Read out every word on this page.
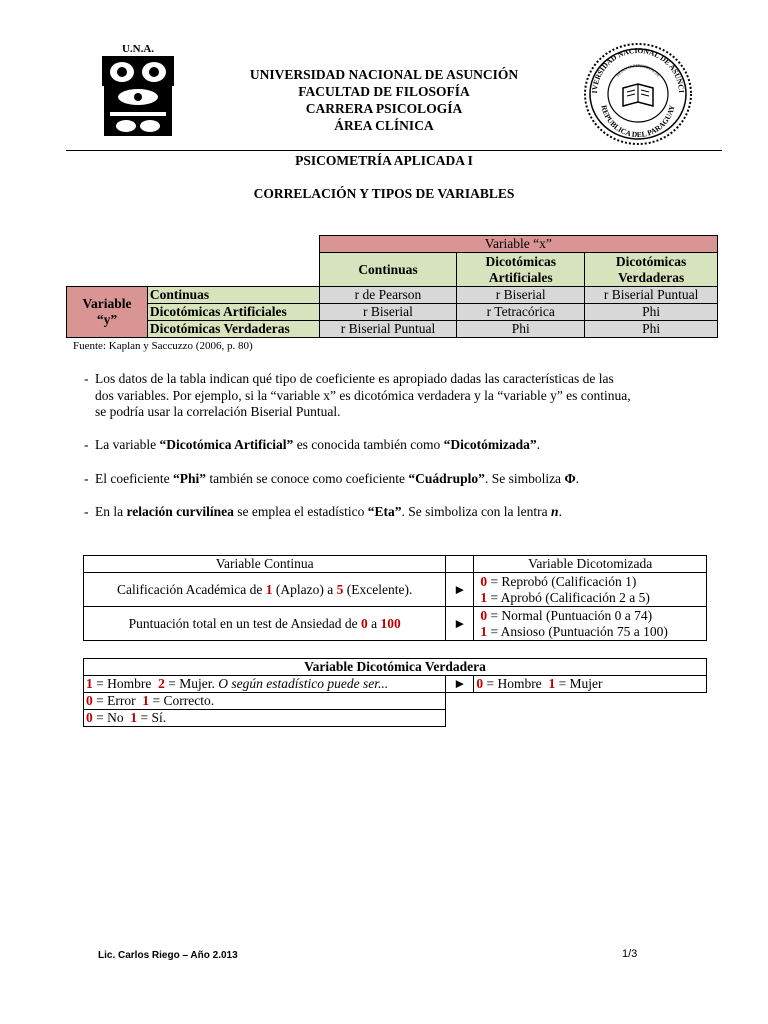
U.N.A.
UNIVERSIDAD NACIONAL DE ASUNCIÓN
FACULTAD DE FILOSOFÍA
CARRERA PSICOLOGÍA
ÁREA CLÍNICA
IVERSIDAD NACIONAL DE ASUNCI
REPUBLICA DEL PARAGUAY
SIGAN INDEPENDENCIA
PSICOMETRÍA APLICADA I
CORRELACIÓN Y TIPOS DE VARIABLES
		Variable “x”		
		Continuas	Dicotómicas Artificiales	Dicotómicas Verdaderas

Variable
“y”	Continuas	r de Pearson	r Biserial	r Biserial Puntual
	Dicotómicas Artificiales	r Biserial	r Tetracórica	Phi
	Dicotómicas Verdaderas	r Biserial Puntual	Phi	Phi
Fuente: Kaplan y Saccuzzo (2006, p. 80)
- Los datos de la tabla indican qué tipo de coeficiente es apropiado dadas las características de las
dos variables. Por ejemplo, si la “variable x” es dicotómica verdadera y la “variable y” es continua,
se podría usar la correlación Biserial Puntual.
- La variable “Dicotómica Artificial” es conocida también como “Dicotómizada”.
- El coeficiente “Phi” también se conoce como coeficiente “Cuádruplo”. Se simboliza Φ.
- En la relación curvilínea se emplea el estadístico “Eta”. Se simboliza con la lentra n.
Variable Continua		Variable Dicotomizada
Calificación Académica de 1 (Aplazo) a 5 (Excelente).	►	0 = Reprobó (Calificación 1)
1 = Aprobó (Calificación 2 a 5)

Puntuación total en un test de Ansiedad de 0 a 100	►	0 = Normal (Puntuación 0 a 74)
1 = Ansioso (Puntuación 75 a 100)
Variable Dicotómica Verdadera		
1 = Hombre  2 = Mujer. O según estadístico puede ser...	►	0 = Hombre  1 = Mujer
0 = Error  1 = Correcto.		
0 = No  1 = Sí.		
Lic. Carlos Riego – Año 2.013	1/3
